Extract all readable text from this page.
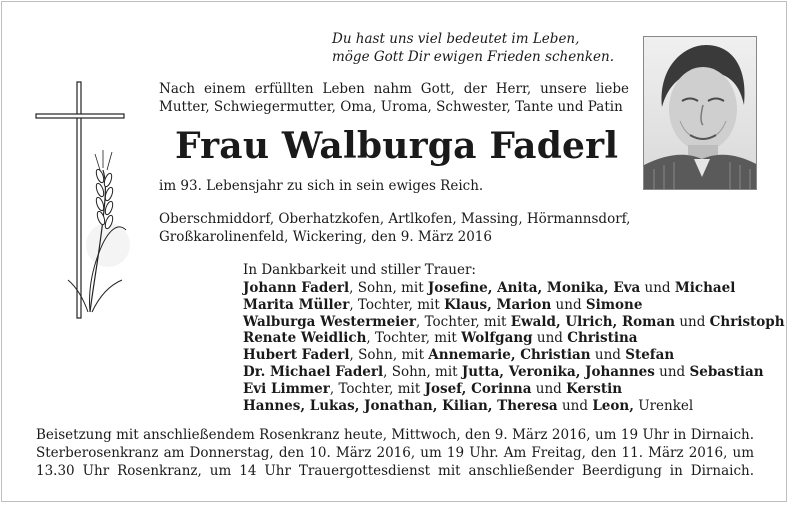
Du hast uns viel bedeutet im Leben,
möge Gott Dir ewigen Frieden schenken.
Nach einem erfüllten Leben nahm Gott, der Herr, unsere liebe
Mutter, Schwiegermutter, Oma, Uroma, Schwester, Tante und Patin
Frau Walburga Faderl
im 93. Lebensjahr zu sich in sein ewiges Reich.
Oberschmiddorf, Oberhatzkofen, Artlkofen, Massing, Hörmannsdorf,
Großkarolinenfeld, Wickering, den 9. März 2016
In Dankbarkeit und stiller Trauer:
Johann Faderl, Sohn, mit Josefine, Anita, Monika, Eva und Michael
Marita Müller, Tochter, mit Klaus, Marion und Simone
Walburga Westermeier, Tochter, mit Ewald, Ulrich, Roman und Christoph
Renate Weidlich, Tochter, mit Wolfgang und Christina
Hubert Faderl, Sohn, mit Annemarie, Christian und Stefan
Dr. Michael Faderl, Sohn, mit Jutta, Veronika, Johannes und Sebastian
Evi Limmer, Tochter, mit Josef, Corinna und Kerstin
Hannes, Lukas, Jonathan, Kilian, Theresa und Leon, Urenkel
Beisetzung mit anschließendem Rosenkranz heute, Mittwoch, den 9. März 2016, um 19 Uhr in Dirnaich.
Sterberosenkranz am Donnerstag, den 10. März 2016, um 19 Uhr. Am Freitag, den 11. März 2016, um
13.30 Uhr Rosenkranz, um 14 Uhr Trauergottesdienst mit anschließender Beerdigung in Dirnaich.
